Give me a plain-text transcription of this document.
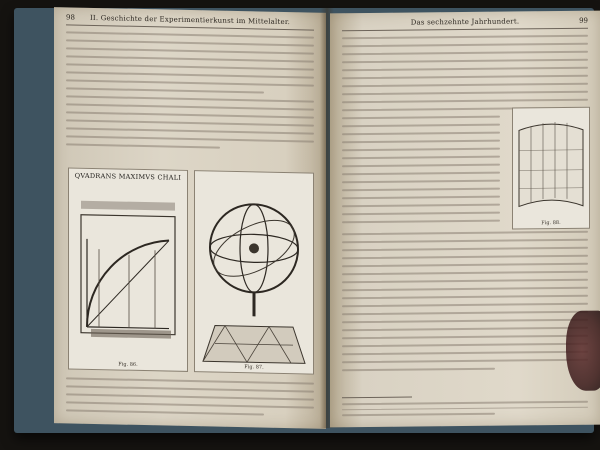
98	II. Geschichte der Experimentierkunst im Mittelalter.
QVADRANS MAXIMVS CHALI
Fig. 86.	Fig. 87.
Das sechzehnte Jahrhundert.	99
Fig. 88.
